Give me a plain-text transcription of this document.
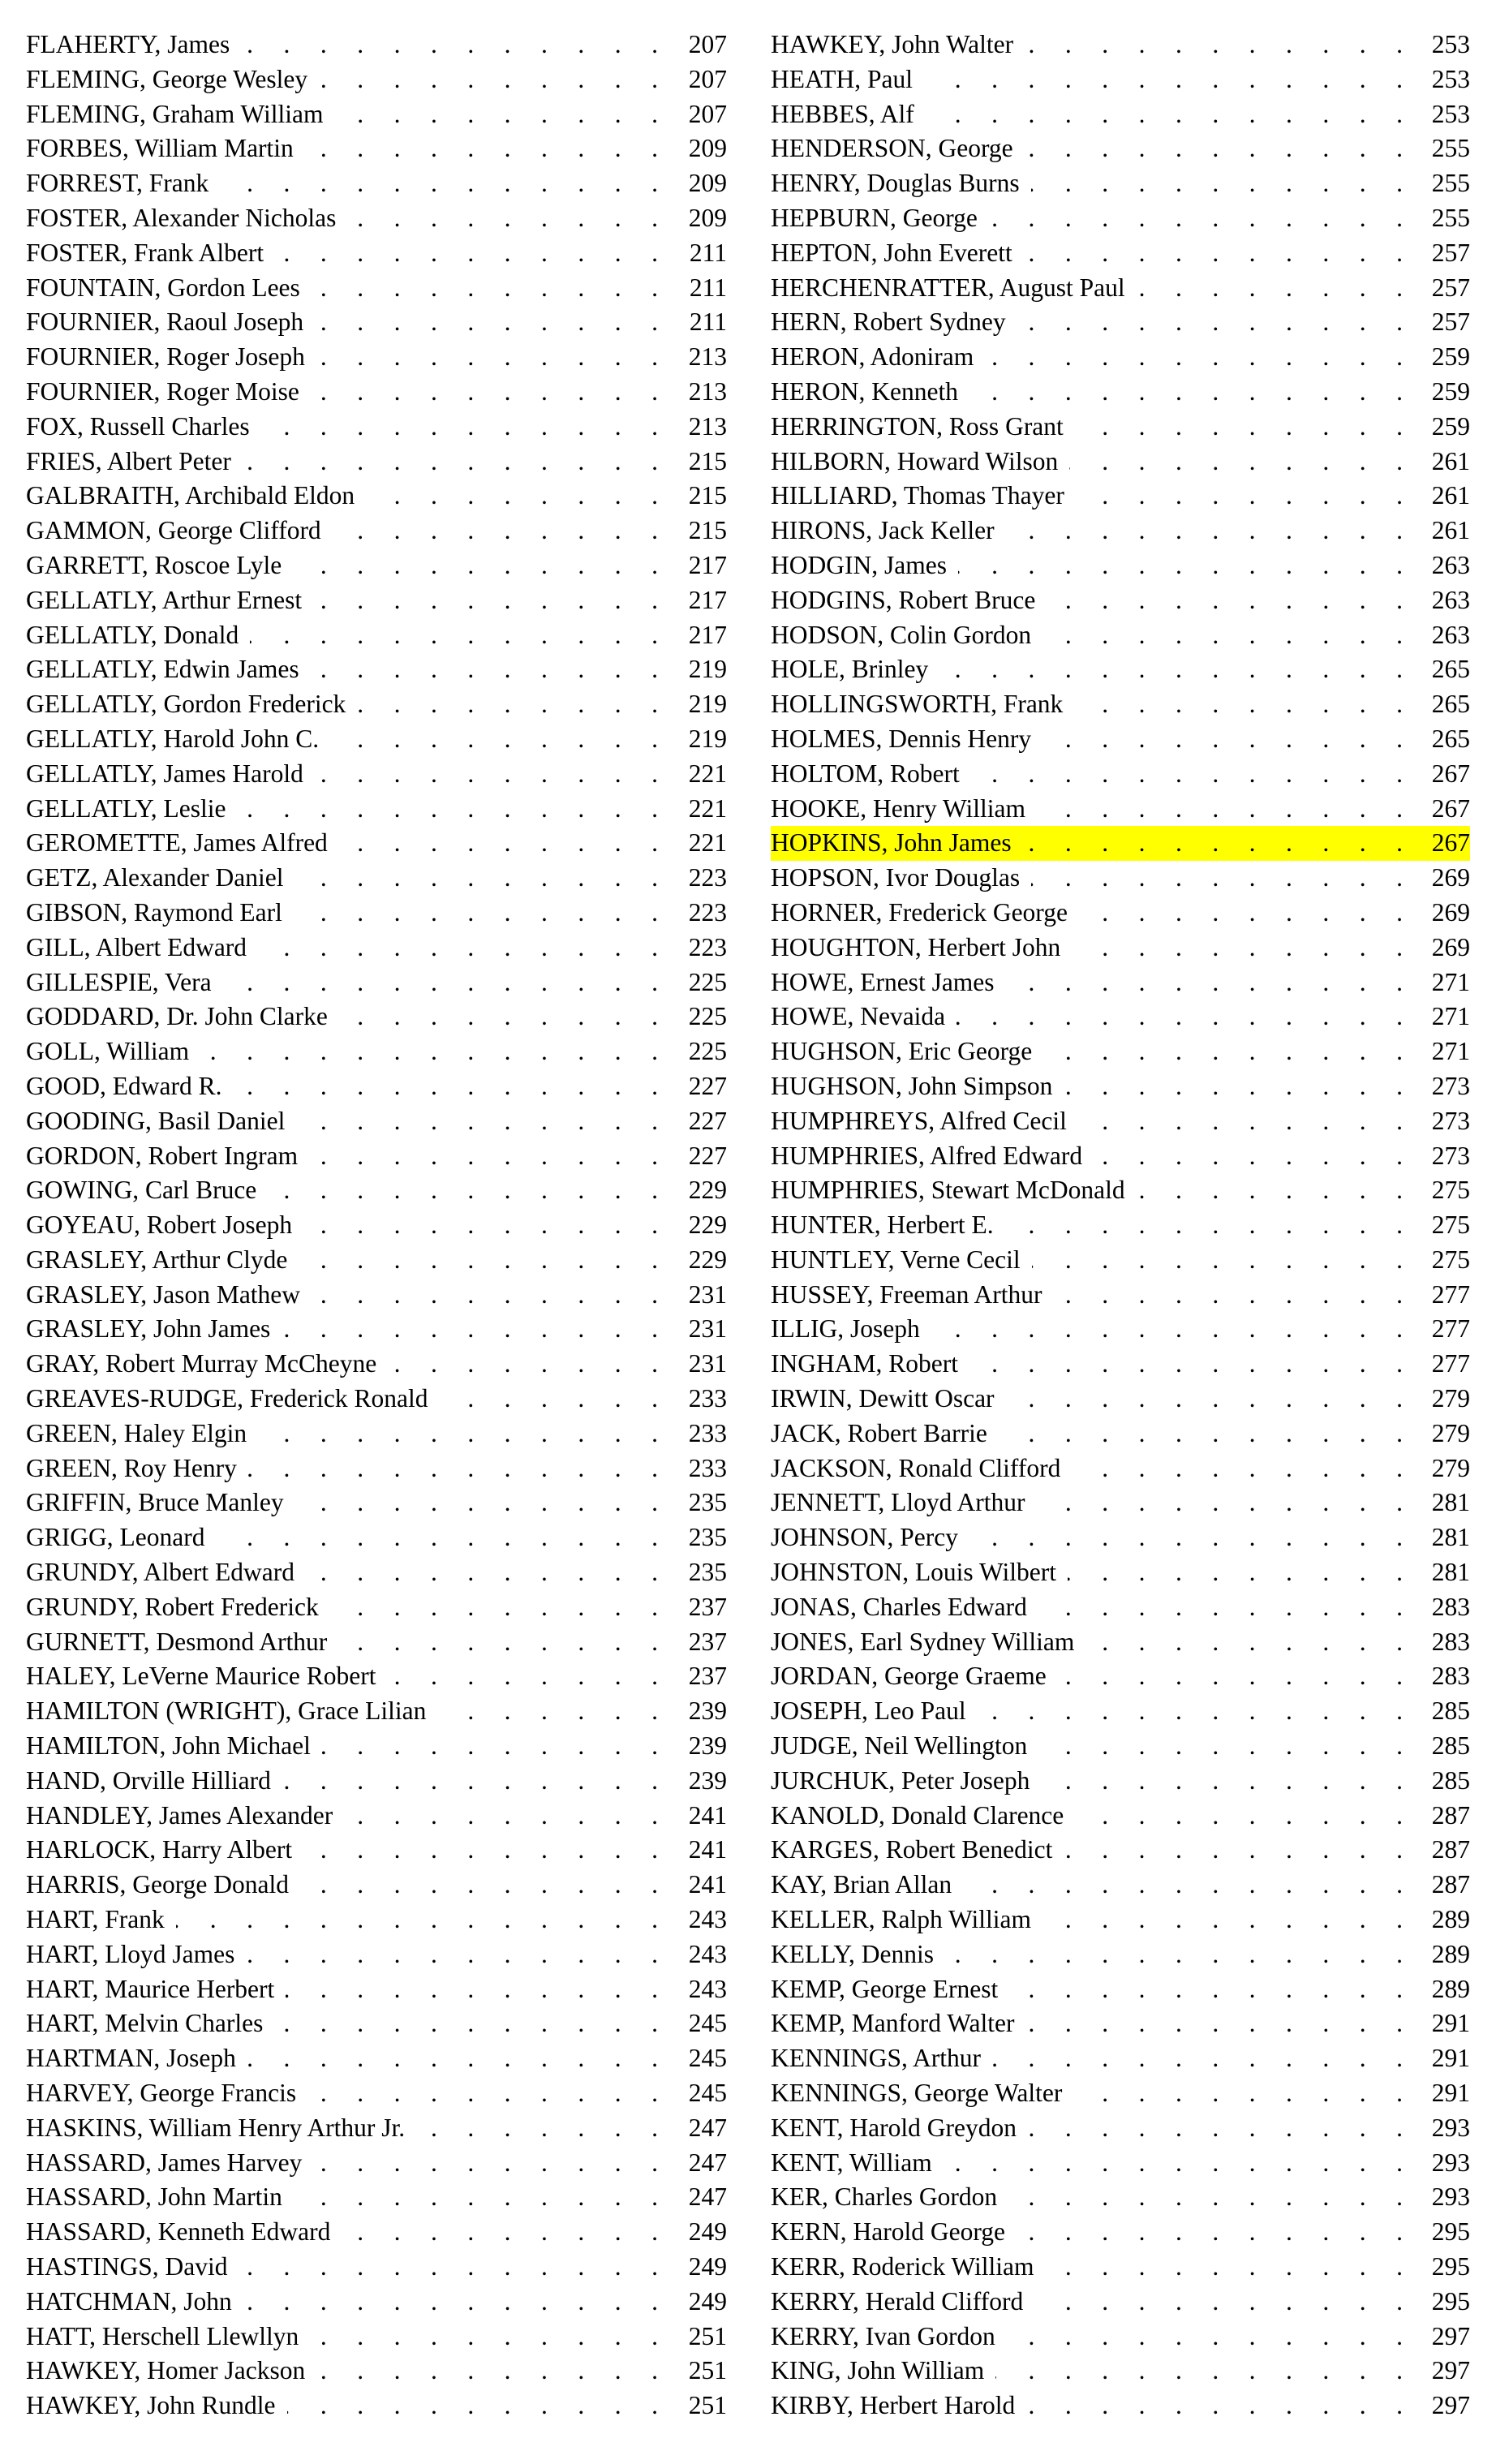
. . .
FLAHERTY, James	207
. . .
FLEMING, George Wesley	207
. . .
FLEMING, Graham William	207
. . .
FORBES, William Martin	209
. . .
FORREST, Frank	209
. . .
FOSTER, Alexander Nicholas	209
. . .
FOSTER, Frank Albert	211
. . .
FOUNTAIN, Gordon Lees	211
. . .
FOURNIER, Raoul Joseph	211
. . .
FOURNIER, Roger Joseph	213
. . .
FOURNIER, Roger Moise	213
. . .
FOX, Russell Charles	213
. . .
FRIES, Albert Peter	215
. . .
GALBRAITH, Archibald Eldon	215
. . .
GAMMON, George Clifford	215
. . .
GARRETT, Roscoe Lyle	217
. . .
GELLATLY, Arthur Ernest	217
. . .
GELLATLY, Donald	217
. . .
GELLATLY, Edwin James	219
. . .
GELLATLY, Gordon Frederick	219
. . .
GELLATLY, Harold John C.	219
. . .
GELLATLY, James Harold	221
. . .
GELLATLY, Leslie	221
. . .
GEROMETTE, James Alfred	221
. . .
GETZ, Alexander Daniel	223
. . .
GIBSON, Raymond Earl	223
. . .
GILL, Albert Edward	223
. . .
GILLESPIE, Vera	225
. . .
GODDARD, Dr. John Clarke	225
. . .
GOLL, William	225
. . .
GOOD, Edward R.	227
. . .
GOODING, Basil Daniel	227
. . .
GORDON, Robert Ingram	227
. . .
GOWING, Carl Bruce	229
. . .
GOYEAU, Robert Joseph	229
. . .
GRASLEY, Arthur Clyde	229
. . .
GRASLEY, Jason Mathew	231
. . .
GRASLEY, John James	231
. . .
GRAY, Robert Murray McCheyne	231
. . .
GREAVES-RUDGE, Frederick Ronald	233
. . .
GREEN, Haley Elgin	233
. . .
GREEN, Roy Henry	233
. . .
GRIFFIN, Bruce Manley	235
. . .
GRIGG, Leonard	235
. . .
GRUNDY, Albert Edward	235
. . .
GRUNDY, Robert Frederick	237
. . .
GURNETT, Desmond Arthur	237
. . .
HALEY, LeVerne Maurice Robert	237
. . .
HAMILTON (WRIGHT), Grace Lilian	239
. . .
HAMILTON, John Michael	239
. . .
HAND, Orville Hilliard	239
. . .
HANDLEY, James Alexander	241
. . .
HARLOCK, Harry Albert	241
. . .
HARRIS, George Donald	241
. . .
HART, Frank	243
. . .
HART, Lloyd James	243
. . .
HART, Maurice Herbert	243
. . .
HART, Melvin Charles	245
. . .
HARTMAN, Joseph	245
. . .
HARVEY, George Francis	245
. . .
HASKINS, William Henry Arthur Jr.	247
. . .
HASSARD, James Harvey	247
. . .
HASSARD, John Martin	247
. . .
HASSARD, Kenneth Edward	249
. . .
HASTINGS, David	249
. . .
HATCHMAN, John	249
. . .
HATT, Herschell Llewllyn	251
. . .
HAWKEY, Homer Jackson	251
. . .
HAWKEY, John Rundle	251
. . .
HAWKEY, John Walter	253
. . .
HEATH, Paul	253
. . .
HEBBES, Alf	253
. . .
HENDERSON, George	255
. . .
HENRY, Douglas Burns	255
. . .
HEPBURN, George	255
. . .
HEPTON, John Everett	257
. . .
HERCHENRATTER, August Paul	257
. . .
HERN, Robert Sydney	257
. . .
HERON, Adoniram	259
. . .
HERON, Kenneth	259
. . .
HERRINGTON, Ross Grant	259
. . .
HILBORN, Howard Wilson	261
. . .
HILLIARD, Thomas Thayer	261
. . .
HIRONS, Jack Keller	261
. . .
HODGIN, James	263
. . .
HODGINS, Robert Bruce	263
. . .
HODSON, Colin Gordon	263
. . .
HOLE, Brinley	265
. . .
HOLLINGSWORTH, Frank	265
. . .
HOLMES, Dennis Henry	265
. . .
HOLTOM, Robert	267
. . .
HOOKE, Henry William	267
. . .
HOPKINS, John James	267
. . .
HOPSON, Ivor Douglas	269
. . .
HORNER, Frederick George	269
. . .
HOUGHTON, Herbert John	269
. . .
HOWE, Ernest James	271
. . .
HOWE, Nevaida	271
. . .
HUGHSON, Eric George	271
. . .
HUGHSON, John Simpson	273
. . .
HUMPHREYS, Alfred Cecil	273
. . .
HUMPHRIES, Alfred Edward	273
. . .
HUMPHRIES, Stewart McDonald	275
. . .
HUNTER, Herbert E.	275
. . .
HUNTLEY, Verne Cecil	275
. . .
HUSSEY, Freeman Arthur	277
. . .
ILLIG, Joseph	277
. . .
INGHAM, Robert	277
. . .
IRWIN, Dewitt Oscar	279
. . .
JACK, Robert Barrie	279
. . .
JACKSON, Ronald Clifford	279
. . .
JENNETT, Lloyd Arthur	281
. . .
JOHNSON, Percy	281
. . .
JOHNSTON, Louis Wilbert	281
. . .
JONAS, Charles Edward	283
. . .
JONES, Earl Sydney William	283
. . .
JORDAN, George Graeme	283
. . .
JOSEPH, Leo Paul	285
. . .
JUDGE, Neil Wellington	285
. . .
JURCHUK, Peter Joseph	285
. . .
KANOLD, Donald Clarence	287
. . .
KARGES, Robert Benedict	287
. . .
KAY, Brian Allan	287
. . .
KELLER, Ralph William	289
. . .
KELLY, Dennis	289
. . .
KEMP, George Ernest	289
. . .
KEMP, Manford Walter	291
. . .
KENNINGS, Arthur	291
. . .
KENNINGS, George Walter	291
. . .
KENT, Harold Greydon	293
. . .
KENT, William	293
. . .
KER, Charles Gordon	293
. . .
KERN, Harold George	295
. . .
KERR, Roderick William	295
. . .
KERRY, Herald Clifford	295
. . .
KERRY, Ivan Gordon	297
. . .
KING, John William	297
. . .
KIRBY, Herbert Harold	297
